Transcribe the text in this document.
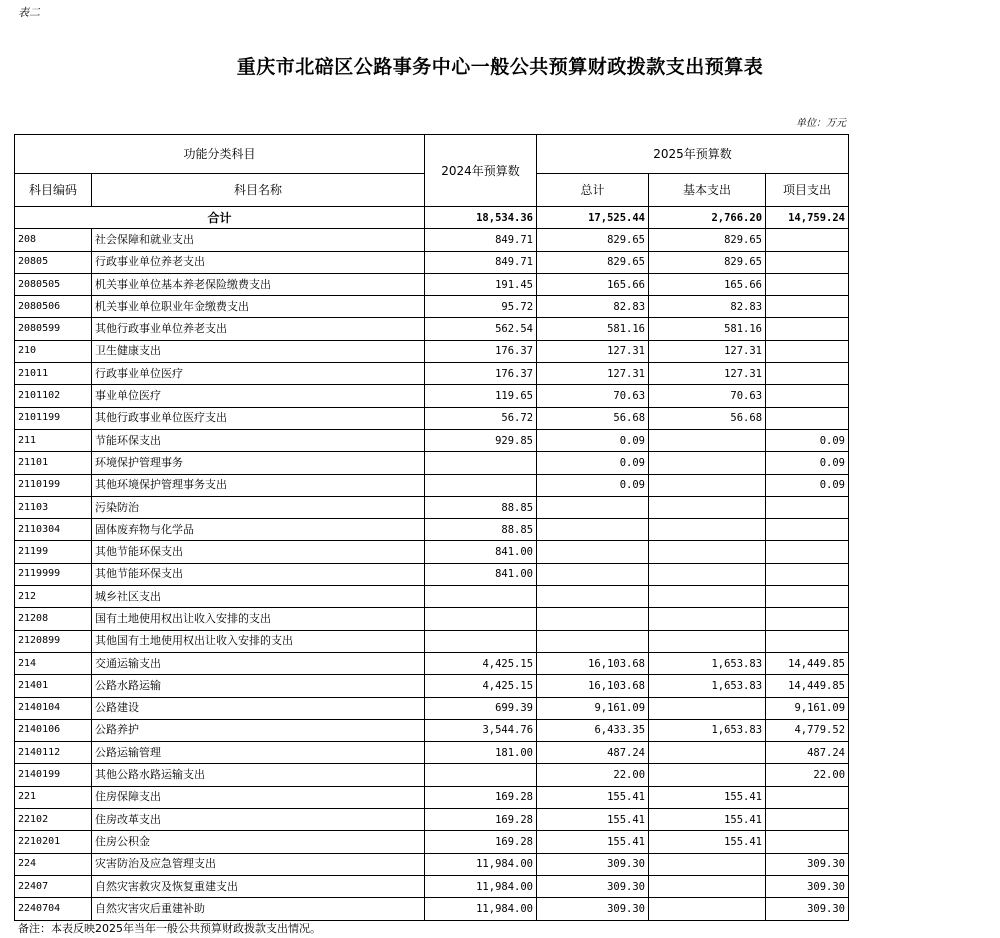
表二
重庆市北碚区公路事务中心一般公共预算财政拨款支出预算表
单位：万元
功能分类科目		2024年预算数	2025年预算数		
科目编码	科目名称		总计	基本支出	项目支出
合计		18,534.36	17,525.44	2,766.20	14,759.24
208	社会保障和就业支出	849.71	829.65	829.65	
20805	行政事业单位养老支出	849.71	829.65	829.65	
2080505	机关事业单位基本养老保险缴费支出	191.45	165.66	165.66	
2080506	机关事业单位职业年金缴费支出	95.72	82.83	82.83	
2080599	其他行政事业单位养老支出	562.54	581.16	581.16	
210	卫生健康支出	176.37	127.31	127.31	
21011	行政事业单位医疗	176.37	127.31	127.31	
2101102	事业单位医疗	119.65	70.63	70.63	
2101199	其他行政事业单位医疗支出	56.72	56.68	56.68	
211	节能环保支出	929.85	0.09		0.09
21101	环境保护管理事务		0.09		0.09
2110199	其他环境保护管理事务支出		0.09		0.09
21103	污染防治	88.85			
2110304	固体废弃物与化学品	88.85			
21199	其他节能环保支出	841.00			
2119999	其他节能环保支出	841.00			
212	城乡社区支出				
21208	国有土地使用权出让收入安排的支出				
2120899	其他国有土地使用权出让收入安排的支出				
214	交通运输支出	4,425.15	16,103.68	1,653.83	14,449.85
21401	公路水路运输	4,425.15	16,103.68	1,653.83	14,449.85
2140104	公路建设	699.39	9,161.09		9,161.09
2140106	公路养护	3,544.76	6,433.35	1,653.83	4,779.52
2140112	公路运输管理	181.00	487.24		487.24
2140199	其他公路水路运输支出		22.00		22.00
221	住房保障支出	169.28	155.41	155.41	
22102	住房改革支出	169.28	155.41	155.41	
2210201	住房公积金	169.28	155.41	155.41	
224	灾害防治及应急管理支出	11,984.00	309.30		309.30
22407	自然灾害救灾及恢复重建支出	11,984.00	309.30		309.30
2240704	自然灾害灾后重建补助	11,984.00	309.30		309.30
备注：本表反映2025年当年一般公共预算财政拨款支出情况。
